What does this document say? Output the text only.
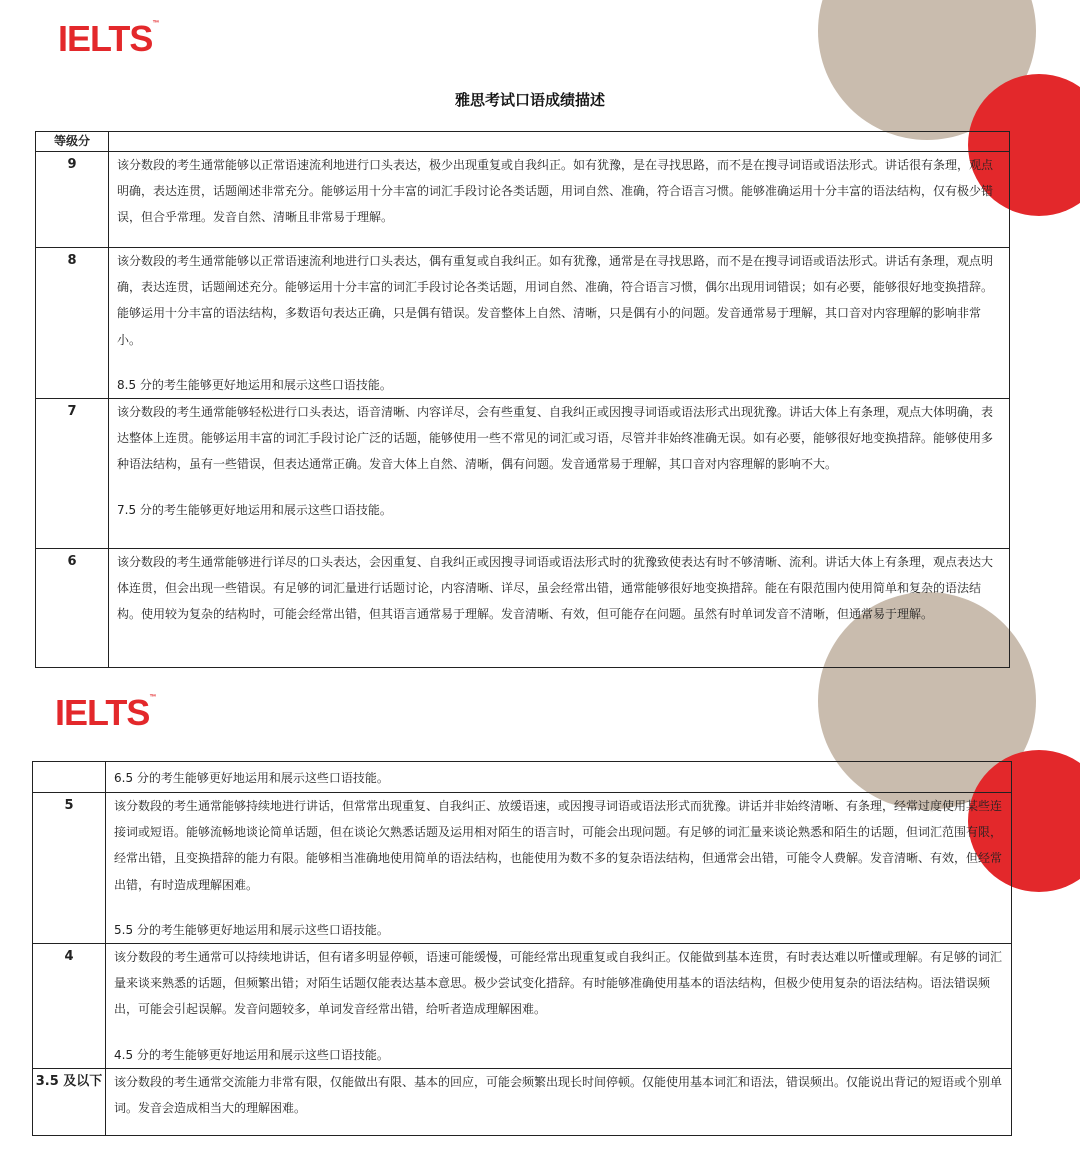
IELTS™
雅思考试口语成绩描述
等级分	
9	该分数段的考生通常能够以正常语速流利地进行口头表达，极少出现重复或自我纠正。如有犹豫，是在寻找思路，而不是在搜寻词语或语法形式。讲话很有条理，观点明确，表达连贯，话题阐述非常充分。能够运用十分丰富的词汇手段讨论各类话题，用词自然、准确，符合语言习惯。能够准确运用十分丰富的语法结构，仅有极少错误，但合乎常理。发音自然、清晰且非常易于理解。

8	该分数段的考生通常能够以正常语速流利地进行口头表达，偶有重复或自我纠正。如有犹豫，通常是在寻找思路，而不是在搜寻词语或语法形式。讲话有条理，观点明确，表达连贯，话题阐述充分。能够运用十分丰富的词汇手段讨论各类话题，用词自然、准确，符合语言习惯，偶尔出现用词错误；如有必要，能够很好地变换措辞。能够运用十分丰富的语法结构，多数语句表达正确，只是偶有错误。发音整体上自然、清晰，只是偶有小的问题。发音通常易于理解，其口音对内容理解的影响非常小。

8.5 分的考生能够更好地运用和展示这些口语技能。

7	该分数段的考生通常能够轻松进行口头表达，语音清晰、内容详尽，会有些重复、自我纠正或因搜寻词语或语法形式出现犹豫。讲话大体上有条理，观点大体明确，表达整体上连贯。能够运用丰富的词汇手段讨论广泛的话题，能够使用一些不常见的词汇或习语，尽管并非始终准确无误。如有必要，能够很好地变换措辞。能够使用多种语法结构，虽有一些错误，但表达通常正确。发音大体上自然、清晰，偶有问题。发音通常易于理解，其口音对内容理解的影响不大。

7.5 分的考生能够更好地运用和展示这些口语技能。

6	该分数段的考生通常能够进行详尽的口头表达，会因重复、自我纠正或因搜寻词语或语法形式时的犹豫致使表达有时不够清晰、流利。讲话大体上有条理，观点表达大体连贯，但会出现一些错误。有足够的词汇量进行话题讨论，内容清晰、详尽，虽会经常出错，通常能够很好地变换措辞。能在有限范围内使用简单和复杂的语法结构。使用较为复杂的结构时，可能会经常出错，但其语言通常易于理解。发音清晰、有效，但可能存在问题。虽然有时单词发音不清晰，但通常易于理解。

IELTS™

	6.5 分的考生能够更好地运用和展示这些口语技能。

5	该分数段的考生通常能够持续地进行讲话，但常常出现重复、自我纠正、放缓语速，或因搜寻词语或语法形式而犹豫。讲话并非始终清晰、有条理，经常过度使用某些连接词或短语。能够流畅地谈论简单话题，但在谈论欠熟悉话题及运用相对陌生的语言时，可能会出现问题。有足够的词汇量来谈论熟悉和陌生的话题，但词汇范围有限，经常出错，且变换措辞的能力有限。能够相当准确地使用简单的语法结构，也能使用为数不多的复杂语法结构，但通常会出错，可能令人费解。发音清晰、有效，但经常出错，有时造成理解困难。

5.5 分的考生能够更好地运用和展示这些口语技能。

4	该分数段的考生通常可以持续地讲话，但有诸多明显停顿，语速可能缓慢，可能经常出现重复或自我纠正。仅能做到基本连贯，有时表达难以听懂或理解。有足够的词汇量来谈来熟悉的话题，但频繁出错；对陌生话题仅能表达基本意思。极少尝试变化措辞。有时能够准确使用基本的语法结构，但极少使用复杂的语法结构。语法错误频出，可能会引起误解。发音问题较多，单词发音经常出错，给听者造成理解困难。

4.5 分的考生能够更好地运用和展示这些口语技能。

3.5 及以下	该分数段的考生通常交流能力非常有限，仅能做出有限、基本的回应，可能会频繁出现长时间停顿。仅能使用基本词汇和语法，错误频出。仅能说出背记的短语或个别单词。发音会造成相当大的理解困难。
